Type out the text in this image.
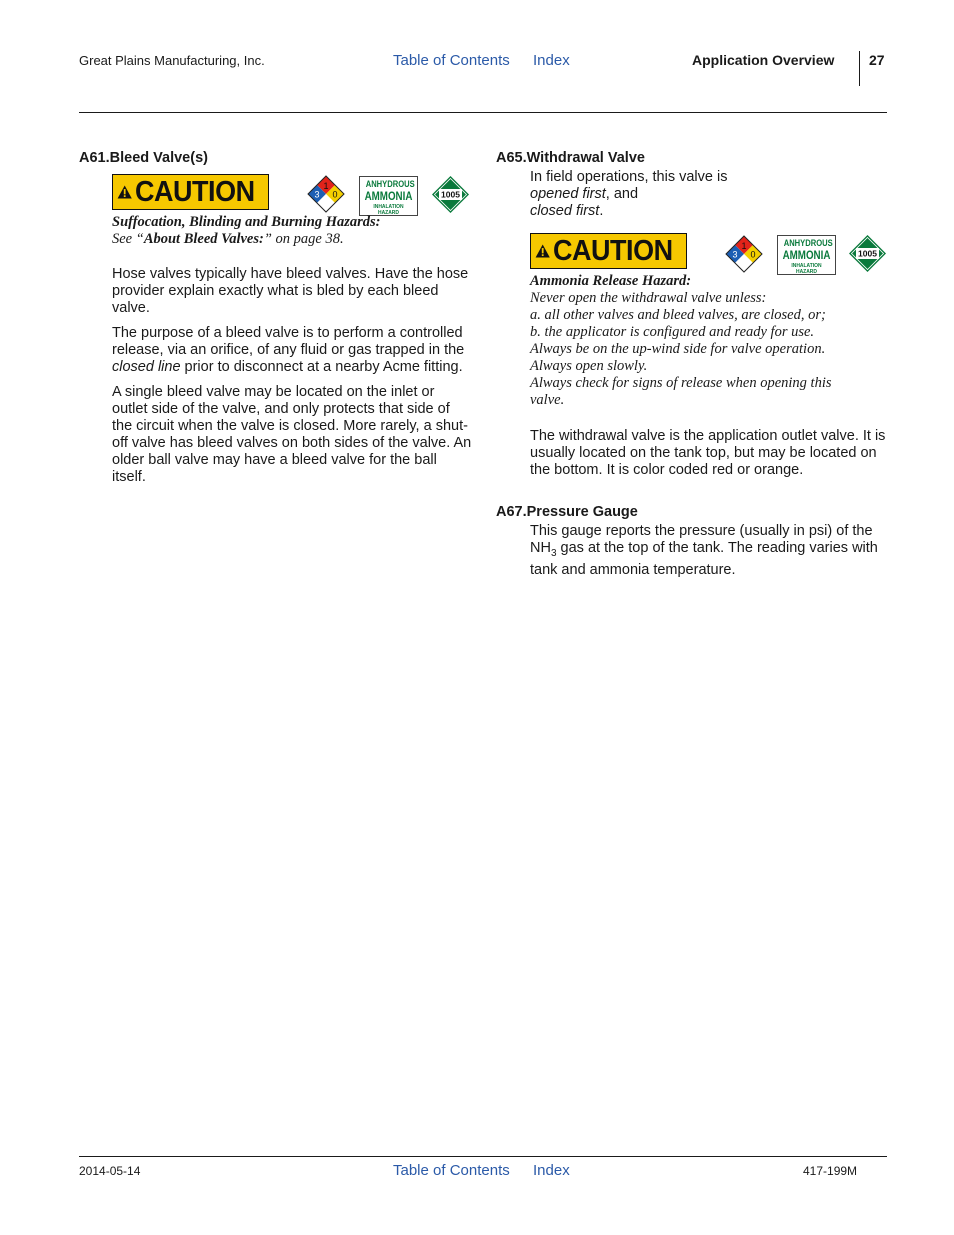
Great Plains Manufacturing, Inc.	Table of Contents Index	Application Overview 27
A61.Bleed Valve(s)
CAUTION	1
3 0
ANHYDROUS
AMMONIA
INHALATION HAZARD
1005
Suffocation, Blinding and Burning Hazards:
See “About Bleed Valves:” on page 38.

Hose valves typically have bleed valves. Have the hose provider explain exactly what is bled by each bleed valve.

The purpose of a bleed valve is to perform a controlled release, via an orifice, of any fluid or gas trapped in the closed line prior to disconnect at a nearby Acme fitting.

A single bleed valve may be located on the inlet or outlet side of the valve, and only protects that side of the circuit when the valve is closed. More rarely, a shut-off valve has bleed valves on both sides of the valve. An older ball valve may have a bleed valve for the ball itself.

A65.Withdrawal Valve
In field operations, this valve is
opened first, and
closed first.
CAUTION	1
3 0
ANHYDROUS
AMMONIA
INHALATION HAZARD
1005
Ammonia Release Hazard:
Never open the withdrawal valve unless:
a. all other valves and bleed valves, are closed, or;
b. the applicator is configured and ready for use.
Always be on the up-wind side for valve operation.
Always open slowly.
Always check for signs of release when opening this
valve.
The withdrawal valve is the application outlet valve. It is usually located on the tank top, but may be located on the bottom. It is color coded red or orange.
A67.Pressure Gauge
This gauge reports the pressure (usually in psi) of the $NH_3$ gas at the top of the tank. The reading varies with tank and ammonia temperature.
2014-05-14	Table of Contents Index	417-199M
